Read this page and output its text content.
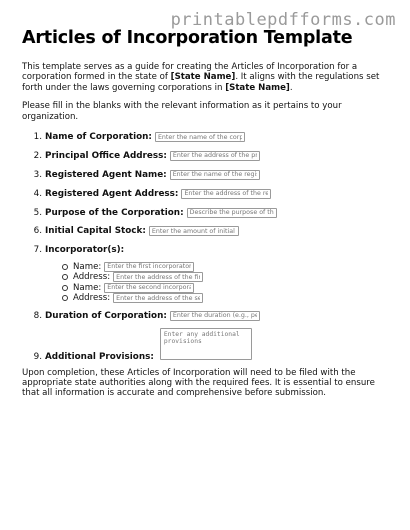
printablepdfforms.com
Articles of Incorporation Template

This template serves as a guide for creating the Articles of Incorporation for a corporation formed in the state of [State Name]. It aligns with the regulations set forth under the laws governing corporations in [State Name].

Please fill in the blanks with the relevant information as it pertains to your organization.

1. Name of Corporation:
Enter the name of the corporation
2. Principal Office Address:
Enter the address of the principal office
3. Registered Agent Name:
Enter the name of the registered agent
4. Registered Agent Address:
Enter the address of the registered agent
5. Purpose of the Corporation:
Describe the purpose of the corporation
6. Initial Capital Stock:
Enter the amount of initial capital stock
7. Incorporator(s):
Name:
Enter the first incorporator name
Address:
Enter the address of the first incorporator
Name:
Enter the second incorporator name
Address:
Enter the address of the second incorporator
8. Duration of Corporation:
Enter the duration (e.g., perpetual)
9. Additional Provisions:
Enter any additional provisions

Upon completion, these Articles of Incorporation will need to be filed with the appropriate state authorities along with the required fees. It is essential to ensure that all information is accurate and comprehensive before submission.
